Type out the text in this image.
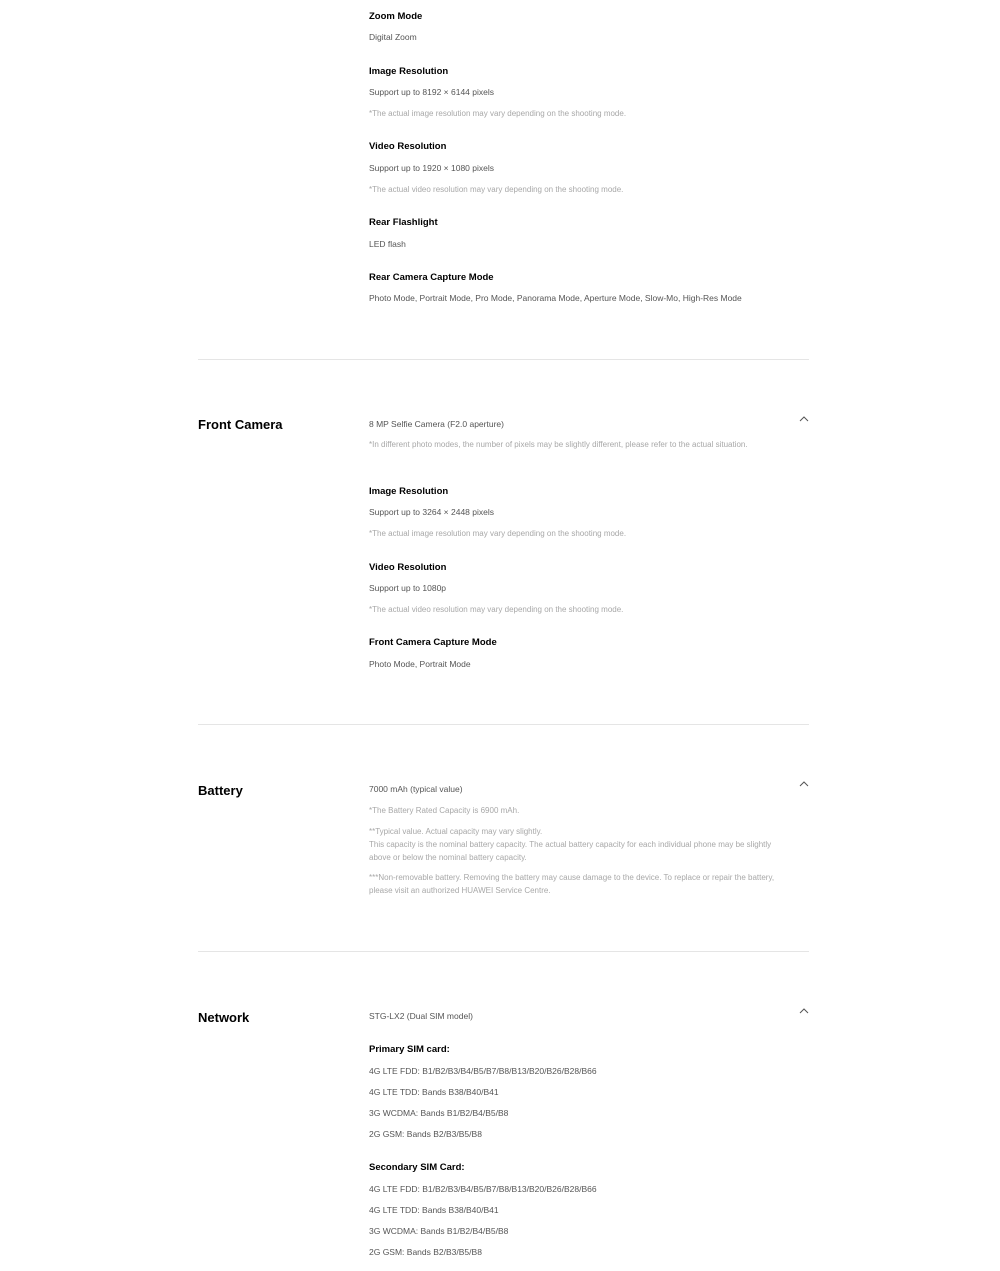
Zoom Mode
Digital Zoom
Image Resolution
Support up to 8192 × 6144 pixels
*The actual image resolution may vary depending on the shooting mode.
Video Resolution
Support up to 1920 × 1080 pixels
*The actual video resolution may vary depending on the shooting mode.
Rear Flashlight
LED flash
Rear Camera Capture Mode
Photo Mode, Portrait Mode, Pro Mode, Panorama Mode, Aperture Mode, Slow-Mo, High-Res Mode
Front Camera	8 MP Selfie Camera (F2.0 aperture)
*In different photo modes, the number of pixels may be slightly different, please refer to the actual situation.
Image Resolution
Support up to 3264 × 2448 pixels
*The actual image resolution may vary depending on the shooting mode.
Video Resolution
Support up to 1080p
*The actual video resolution may vary depending on the shooting mode.
Front Camera Capture Mode
Photo Mode, Portrait Mode
Battery	7000 mAh (typical value)
*The Battery Rated Capacity is 6900 mAh.
**Typical value. Actual capacity may vary slightly.
This capacity is the nominal battery capacity. The actual battery capacity for each individual phone may be slightly above or below the nominal battery capacity.
***Non-removable battery. Removing the battery may cause damage to the device. To replace or repair the battery, please visit an authorized HUAWEI Service Centre.
Network	STG-LX2 (Dual SIM model)
Primary SIM card:
4G LTE FDD: B1/B2/B3/B4/B5/B7/B8/B13/B20/B26/B28/B66
4G LTE TDD: Bands B38/B40/B41
3G WCDMA: Bands B1/B2/B4/B5/B8
2G GSM: Bands B2/B3/B5/B8
Secondary SIM Card:
4G LTE FDD: B1/B2/B3/B4/B5/B7/B8/B13/B20/B26/B28/B66
4G LTE TDD: Bands B38/B40/B41
3G WCDMA: Bands B1/B2/B4/B5/B8
2G GSM: Bands B2/B3/B5/B8
